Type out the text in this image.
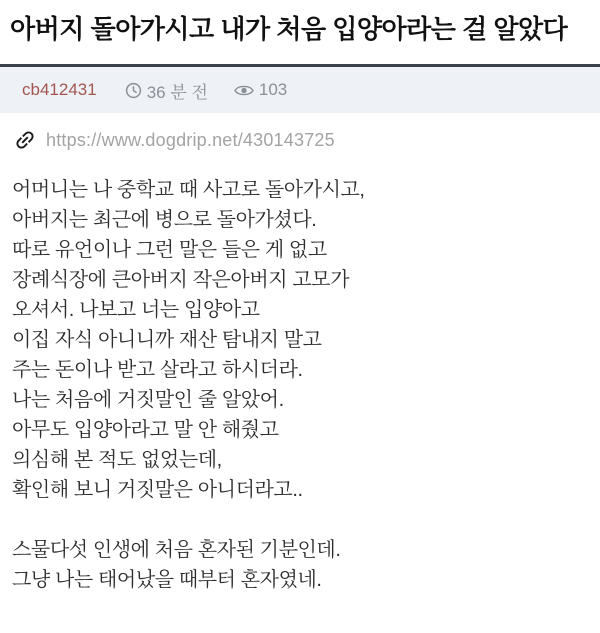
아버지 돌아가시고 내가 처음 입양아라는 걸 알았다
cb412431	36 분 전	103
https://www.dogdrip.net/430143725

어머니는 나 중학교 때 사고로 돌아가시고,

아버지는 최근에 병으로 돌아가셨다.

따로 유언이나 그런 말은 들은 게 없고

장례식장에 큰아버지 작은아버지 고모가

오셔서. 나보고 너는 입양아고

이집 자식 아니니까 재산 탐내지 말고

주는 돈이나 받고 살라고 하시더라.

나는 처음에 거짓말인 줄 알았어.

아무도 입양아라고 말 안 해줬고

의심해 본 적도 없었는데,

확인해 보니 거짓말은 아니더라고..

스물다섯 인생에 처음 혼자된 기분인데.

그냥 나는 태어났을 때부터 혼자였네.
